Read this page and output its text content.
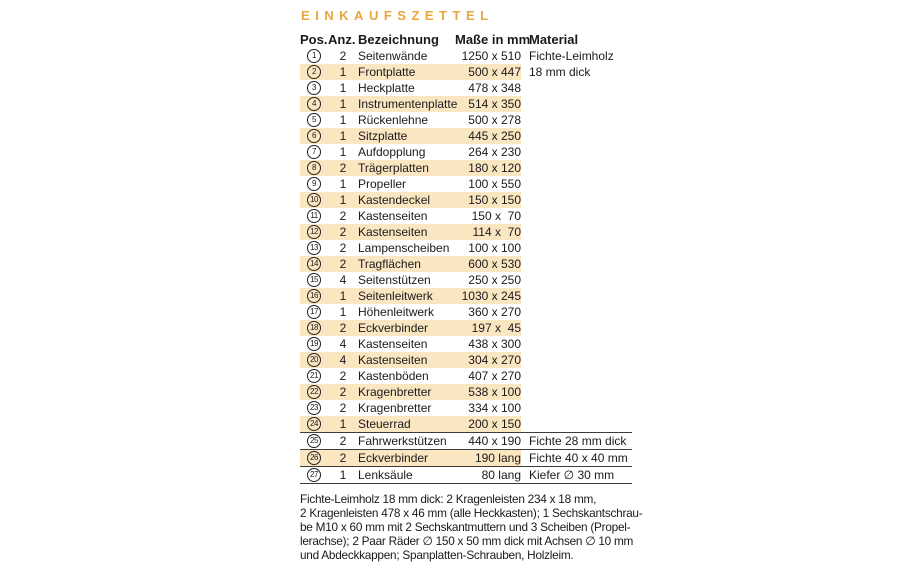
EINKAUFSZETTEL
Pos. Anz. Bezeichnung	Maße in mm
Material
1	2 Seitenwände	1250 x 510 Fichte-Leimholz
2	1 Frontplatte	500 x 447 18 mm dick
3	1 Heckplatte	478 x 348
4	1 Instrumentenplatte 514 x 350
5	1 Rückenlehne	500 x 278
6	1 Sitzplatte	445 x 250
7	1 Aufdopplung	264 x 230
8	2 Trägerplatten	180 x 120
9	1 Propeller	100 x 550
10	1 Kastendeckel	150 x 150
11	2 Kastenseiten	150 x  70
12	2 Kastenseiten	114 x  70
13	2 Lampenscheiben	100 x 100
14	2 Tragflächen	600 x 530
15	4 Seitenstützen	250 x 250
16	1 Seitenleitwerk	1030 x 245
17	1 Höhenleitwerk	360 x 270
18	2 Eckverbinder	197 x  45
19	4 Kastenseiten	438 x 300
20	4 Kastenseiten	304 x 270
21	2 Kastenböden	407 x 270
22	2 Kragenbretter	538 x 100
23	2 Kragenbretter	334 x 100
24	1 Steuerrad	200 x 150
25	2 Fahrwerkstützen	440 x 190 Fichte 28 mm dick
26	2 Eckverbinder	190 lang Fichte 40 x 40 mm
27	1 Lenksäule	80 lang Kiefer ∅ 30 mm
Fichte-Leimholz 18 mm dick: 2 Kragenleisten 234 x 18 mm,
2 Kragenleisten 478 x 46 mm (alle Heckkasten); 1 Sechskantschrau-
be M10 x 60 mm mit 2 Sechskantmuttern und 3 Scheiben (Propel-
lerachse); 2 Paar Räder ∅ 150 x 50 mm dick mit Achsen ∅ 10 mm
und Abdeckkappen; Spanplatten-Schrauben, Holzleim.
